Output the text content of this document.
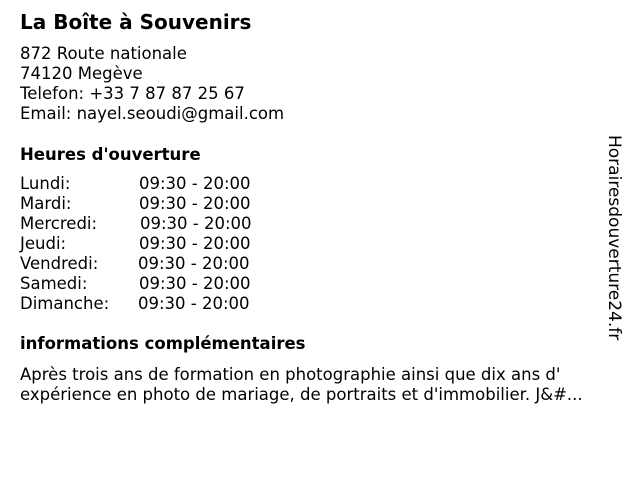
La Boîte à Souvenirs
872 Route nationale
74120 Megève
Telefon: +33 7 87 87 25 67
Email: nayel.seoudi@gmail.com
Heures d'ouverture
Lundi:	09:30 - 20:00
Mardi:	09:30 - 20:00
Mercredi:	09:30 - 20:00
Jeudi:	09:30 - 20:00
Vendredi: 09:30 - 20:00
Samedi:	09:30 - 20:00
Dimanche: 09:30 - 20:00
informations complémentaires
Après trois ans de formation en photographie ainsi que dix ans d'
expérience en photo de mariage, de portraits et d'immobilier. J&#...
Horairesdouverture24.fr
